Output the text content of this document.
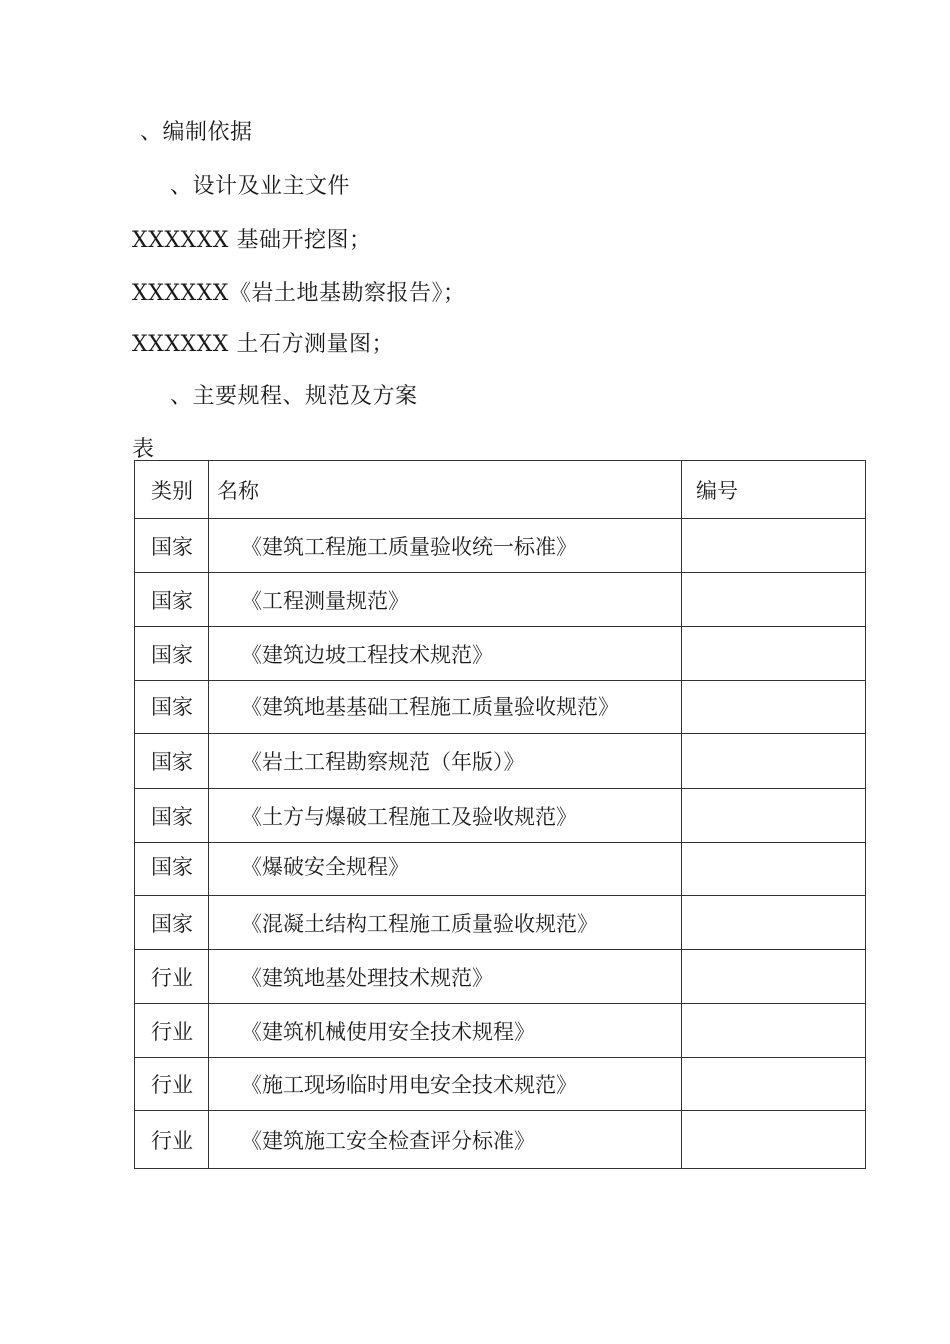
、编制依据
、设计及业主文件
XXXXXX 基础开挖图；
XXXXXX《岩土地基勘察报告》；
XXXXXX 土石方测量图；
、主要规程、规范及方案
表
类别	名称	编号
国家	《建筑工程施工质量验收统一标准》	
国家	《工程测量规范》	
国家	《建筑边坡工程技术规范》	
国家	《建筑地基基础工程施工质量验收规范》	
国家	《岩土工程勘察规范（年版）》	
国家	《土方与爆破工程施工及验收规范》	
国家	《爆破安全规程》	
国家	《混凝土结构工程施工质量验收规范》	
行业	《建筑地基处理技术规范》	
行业	《建筑机械使用安全技术规程》	
行业	《施工现场临时用电安全技术规范》	
行业	《建筑施工安全检查评分标准》	
